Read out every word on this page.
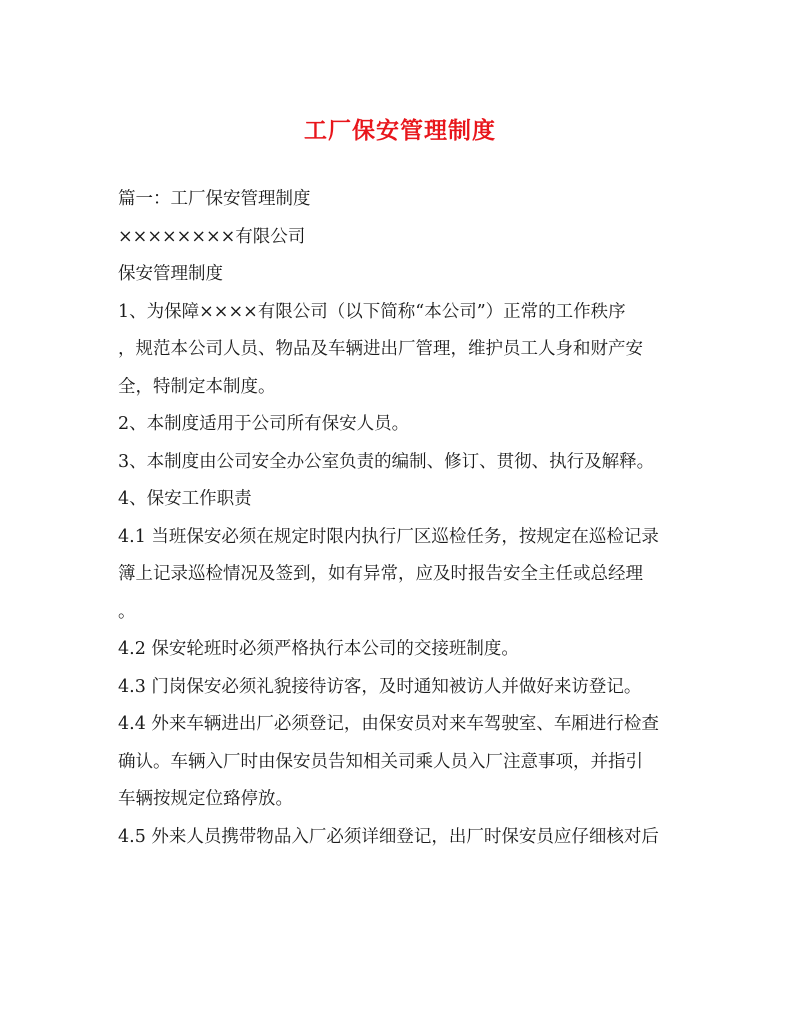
工厂保安管理制度

篇一：工厂保安管理制度

××××××××有限公司

保安管理制度

1、为保障××××有限公司（以下简称“本公司”）正常的工作秩序

，规范本公司人员、物品及车辆进出厂管理，维护员工人身和财产安

全，特制定本制度。

2、本制度适用于公司所有保安人员。

3、本制度由公司安全办公室负责的编制、修订、贯彻、执行及解释。

4、保安工作职责

4.1 当班保安必须在规定时限内执行厂区巡检任务，按规定在巡检记录

簿上记录巡检情况及签到，如有异常，应及时报告安全主任或总经理

。

4.2 保安轮班时必须严格执行本公司的交接班制度。

4.3 门岗保安必须礼貌接待访客，及时通知被访人并做好来访登记。

4.4 外来车辆进出厂必须登记，由保安员对来车驾驶室、车厢进行检查

确认。车辆入厂时由保安员告知相关司乘人员入厂注意事项，并指引

车辆按规定位臵停放。

4.5 外来人员携带物品入厂必须详细登记，出厂时保安员应仔细核对后
